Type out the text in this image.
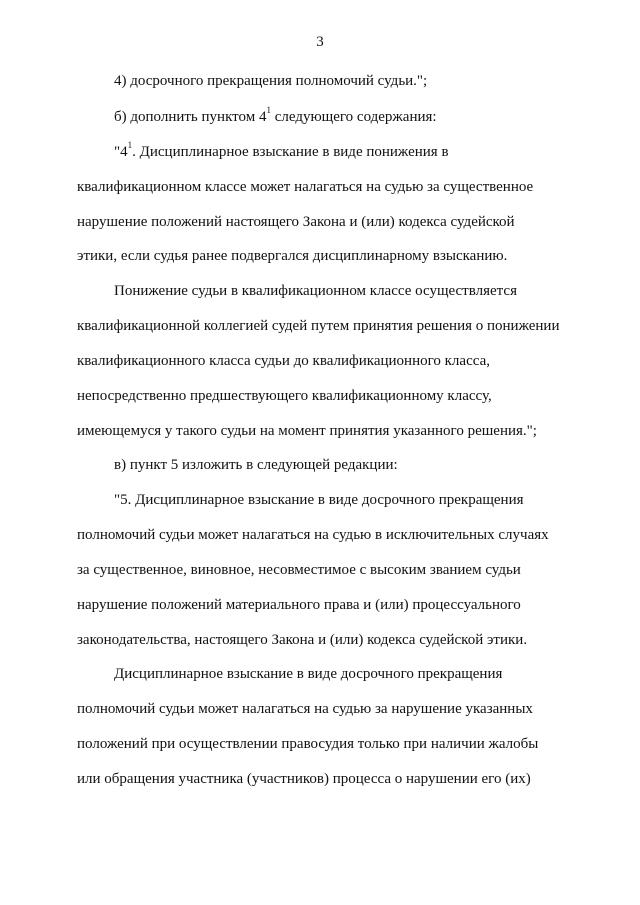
3
4) досрочного прекращения полномочий судьи.";
б) дополнить пунктом $4^1$ следующего содержания:
"$4^1$. Дисциплинарное взыскание в виде понижения в
квалификационном классе может налагаться на судью за существенное
нарушение положений настоящего Закона и (или) кодекса судейской
этики, если судья ранее подвергался дисциплинарному взысканию.
Понижение судьи в квалификационном классе осуществляется
квалификационной коллегией судей путем принятия решения о понижении
квалификационного класса судьи до квалификационного класса,
непосредственно предшествующего квалификационному классу,
имеющемуся у такого судьи на момент принятия указанного решения.";
в) пункт 5 изложить в следующей редакции:
"5. Дисциплинарное взыскание в виде досрочного прекращения
полномочий судьи может налагаться на судью в исключительных случаях
за существенное, виновное, несовместимое с высоким званием судьи
нарушение положений материального права и (или) процессуального
законодательства, настоящего Закона и (или) кодекса судейской этики.
Дисциплинарное взыскание в виде досрочного прекращения
полномочий судьи может налагаться на судью за нарушение указанных
положений при осуществлении правосудия только при наличии жалобы
или обращения участника (участников) процесса о нарушении его (их)
